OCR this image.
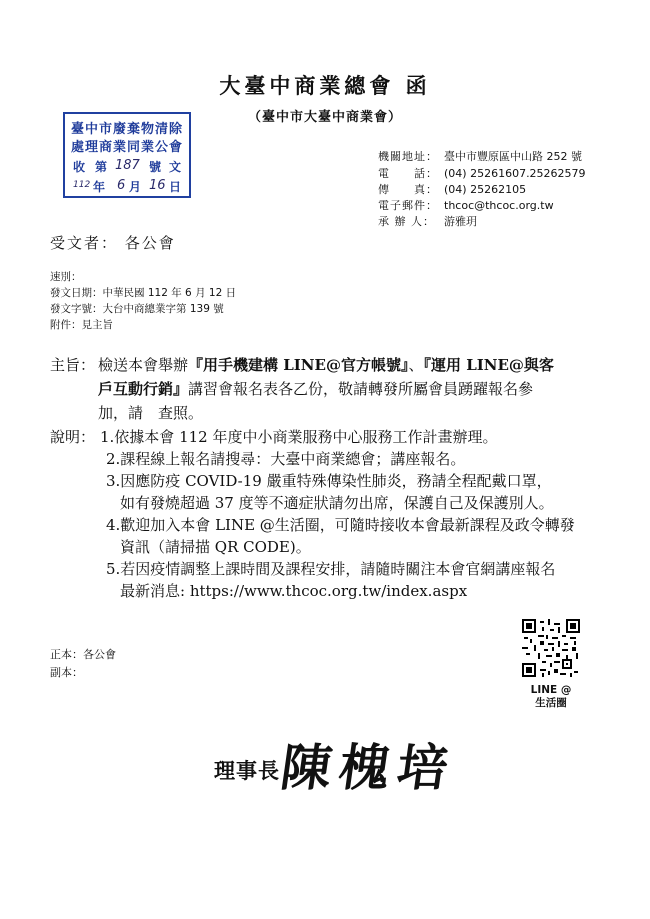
大臺中商業總會 函
（臺中市大臺中商業會）
臺中市廢棄物清除
處理商業同業公會
收 第 187 號 文
112 年 6 月 16 日
機關地址： 臺中市豐原區中山路 252 號
電　　話： (04) 25261607.25262579
傳　　真： (04) 25262105
電子郵件： thcoc@thcoc.org.tw
承 辦 人： 游雅玥
受文者： 各公會
速別：
發文日期：中華民國 112 年 6 月 12 日
發文字號：大台中商總業字第 139 號
附件：見主旨
主旨： 檢送本會舉辦『用手機建構 LINE@官方帳號』、『運用 LINE@與客
戶互動行銷』講習會報名表各乙份，敬請轉發所屬會員踴躍報名參
加，請　查照。
說明： 1.依據本會 112 年度中小商業服務中心服務工作計畫辦理。
2.課程線上報名請搜尋：大臺中商業總會；講座報名。
3.因應防疫 COVID-19 嚴重特殊傳染性肺炎，務請全程配戴口罩，
如有發燒超過 37 度等不適症狀請勿出席，保護自己及保護別人。
4.歡迎加入本會 LINE @生活圈，可隨時接收本會最新課程及政令轉發
資訊（請掃描 QR CODE)。
5.若因疫情調整上課時間及課程安排，請隨時關注本會官網講座報名
最新消息: https://www.thcoc.org.tw/index.aspx
LINE @
生活圈
正本：各公會
副本：
理事長
陳槐培
